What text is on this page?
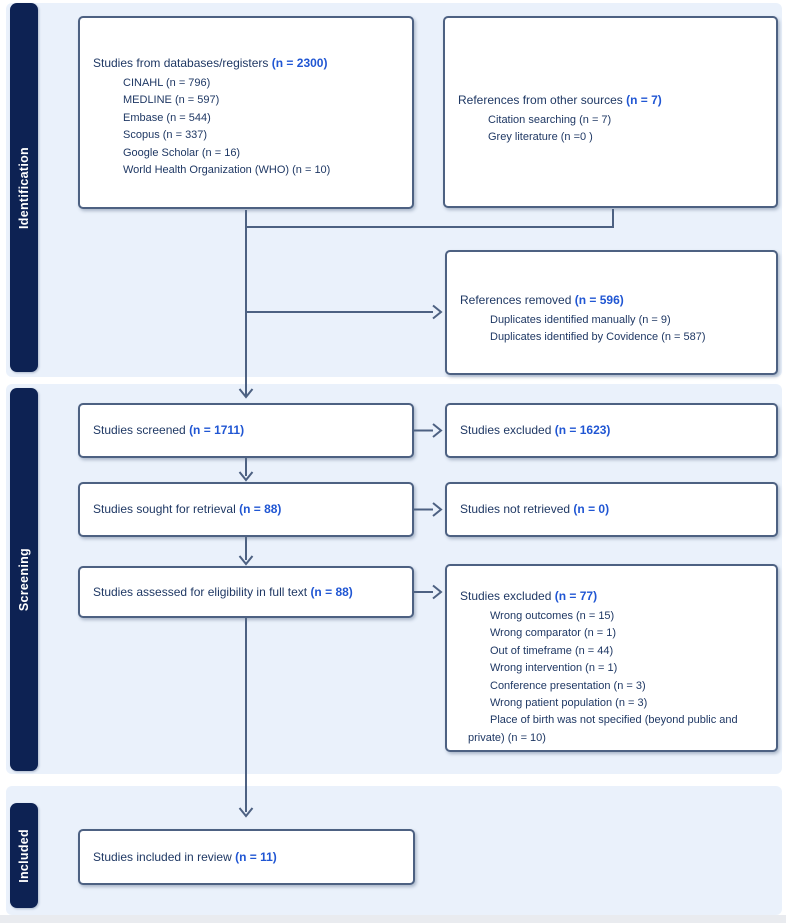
Identification
Screening
Included

Studies from databases/registers (n = 2300)

CINAHL (n = 796)
MEDLINE (n = 597)
Embase (n = 544)
Scopus (n = 337)
Google Scholar (n = 16)
World Health Organization (WHO) (n = 10)

References from other sources (n = 7)

Citation searching (n = 7)
Grey literature (n =0 )

References removed (n = 596)

Duplicates identified manually (n = 9)
Duplicates identified by Covidence (n = 587)

Studies screened (n = 1711)	Studies excluded (n = 1623)

Studies sought for retrieval (n = 88)	Studies not retrieved (n = 0)

Studies assessed for eligibility in full text (n = 88)	Studies excluded (n = 77)

Wrong outcomes (n = 15)
Wrong comparator (n = 1)
Out of timeframe (n = 44)
Wrong intervention (n = 1)
Conference presentation (n = 3)
Wrong patient population (n = 3)
Place of birth was not specified (beyond public and private) (n = 10)

Studies included in review (n = 11)
